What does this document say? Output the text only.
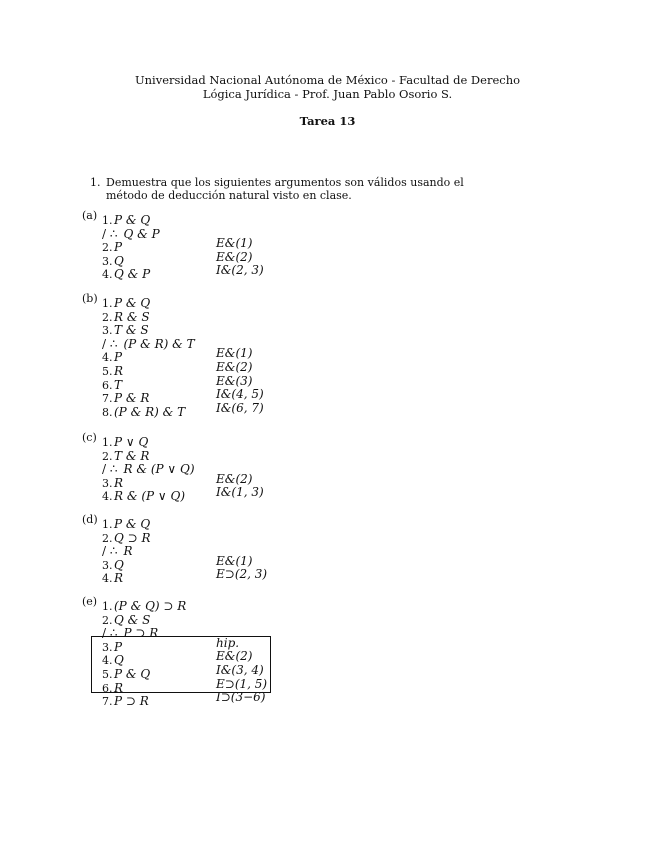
Universidad Nacional Autónoma de México - Facultad de Derecho
Lógica Jurídica - Prof. Juan Pablo Osorio S.
Tarea 13
1. Demuestra que los siguientes argumentos son válidos usando el método de deducción natural visto en clase.
(a) 1. P & Q
/ ∴ Q & P
2. P	E&(1)
3. Q	E&(2)
4. Q & P	I&(2, 3)
(b) 1. P & Q
2. R & S
3. T & S
/ ∴ (P & R) & T
4. P	E&(1)
5. R	E&(2)
6. T	E&(3)
7. P & R	I&(4, 5)
8. (P & R) & T	I&(6, 7)
(c) 1. P ∨ Q
2. T & R
/ ∴ R & (P ∨ Q)
3. R	E&(2)
4. R & (P ∨ Q)	I&(1, 3)
(d) 1. P & Q
2. Q ⊃ R
/ ∴ R
3. Q	E&(1)
4. R	E⊃(2, 3)
(e) 1. (P & Q) ⊃ R
2. Q & S
/ ∴ P ⊃ R
3. P	hip.
4. Q	E&(2)
5. P & Q	I&(3, 4)
6. R	E⊃(1, 5)
7. P ⊃ R	I⊃(3−6)
